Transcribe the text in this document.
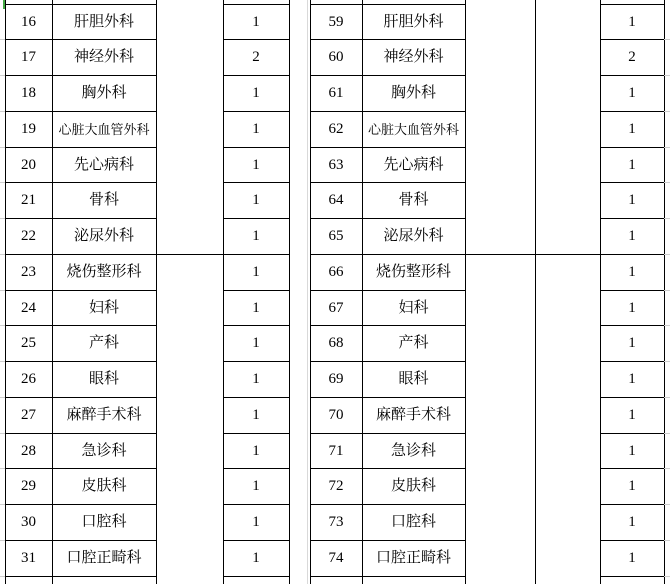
16	肝胆外科	1	59	肝胆外科	1
17	神经外科	2	60	神经外科	2
18	胸外科	1	61	胸外科	1
19	心脏大血管外科	1	62	心脏大血管外科	1
20	先心病科	1	63	先心病科	1
21	骨科	1	64	骨科	1
22	泌尿外科	1	65	泌尿外科	1
23	烧伤整形科	1	66	烧伤整形科	1
24	妇科	1	67	妇科	1
25	产科	1	68	产科	1
26	眼科	1	69	眼科	1
27	麻醉手术科	1	70	麻醉手术科	1
28	急诊科	1	71	急诊科	1
29	皮肤科	1	72	皮肤科	1
30	口腔科	1	73	口腔科	1
31	口腔正畸科	1	74	口腔正畸科	1
